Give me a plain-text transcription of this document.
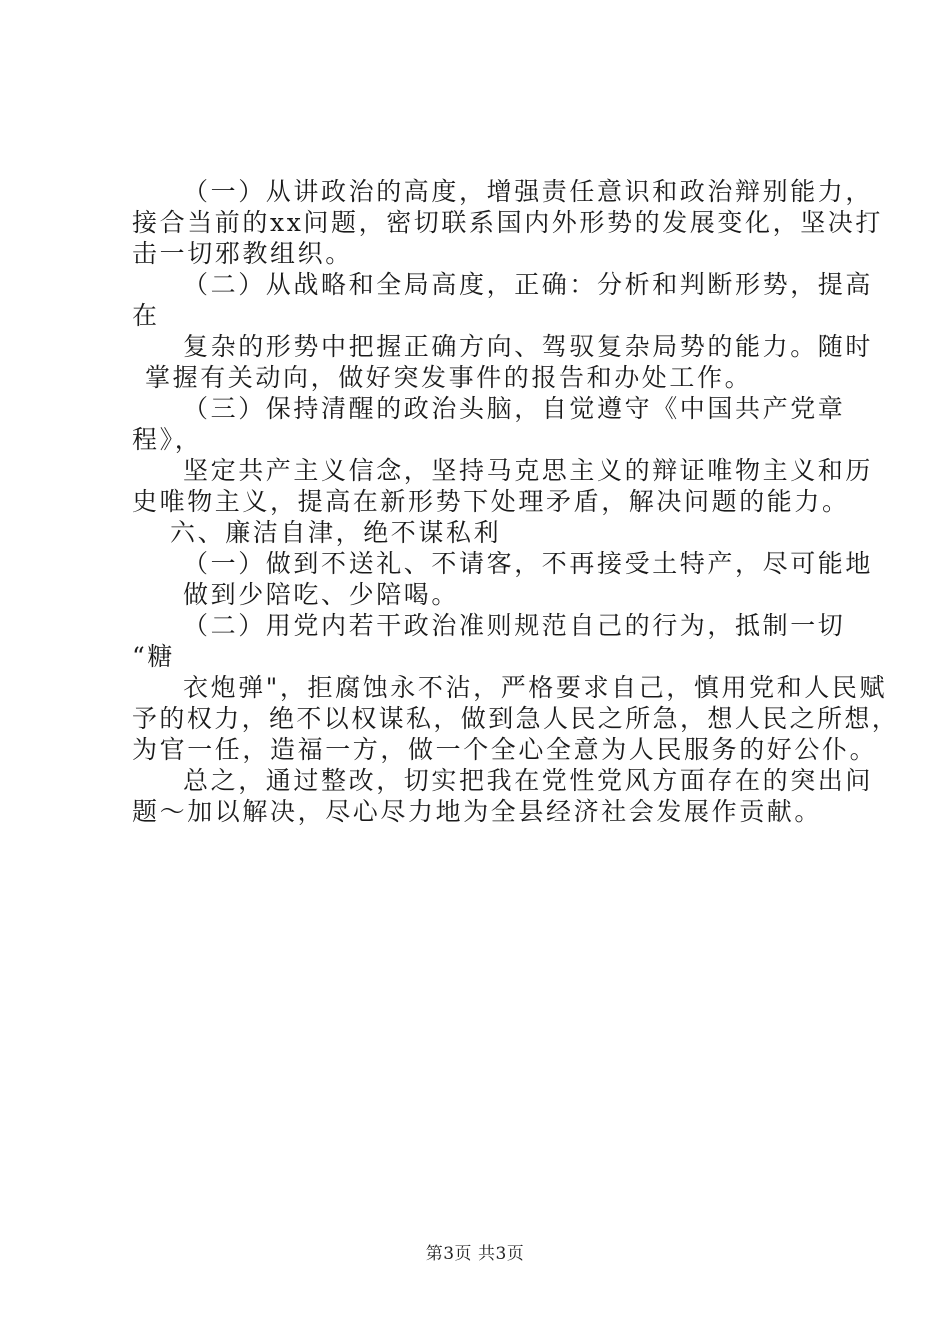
（一）从讲政治的高度，增强责任意识和政治辩别能力，
接合当前的xx问题，密切联系国内外形势的发展变化，坚决打
击一切邪教组织。
（二）从战略和全局高度，正确：分析和判断形势，提高
在
复杂的形势中把握正确方向、驾驭复杂局势的能力。随时
掌握有关动向，做好突发事件的报告和办处工作。
（三）保持清醒的政治头脑，自觉遵守《中国共产党章
程》，
坚定共产主义信念，坚持马克思主义的辩证唯物主义和历
史唯物主义，提高在新形势下处理矛盾，解决问题的能力。
六、廉洁自津，绝不谋私利
（一）做到不送礼、不请客，不再接受土特产，尽可能地
做到少陪吃、少陪喝。
（二）用党内若干政治准则规范自己的行为，抵制一切
“糖
衣炮弹"，拒腐蚀永不沾，严格要求自己，慎用党和人民赋
予的权力，绝不以权谋私，做到急人民之所急，想人民之所想，
为官一任，造福一方，做一个全心全意为人民服务的好公仆。
总之，通过整改，切实把我在党性党风方面存在的突出问
题～加以解决，尽心尽力地为全县经济社会发展作贡献。
第3页 共3页
